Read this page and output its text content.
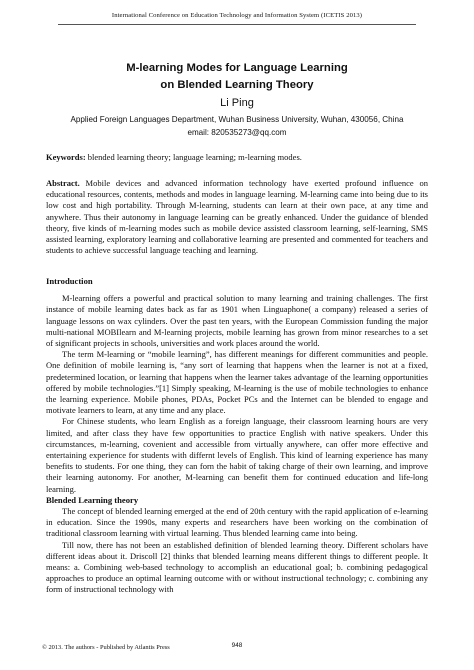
International Conference on Education Technology and Information System (ICETIS 2013)
M-learning Modes for Language Learning
on Blended Learning Theory
Li Ping
Applied Foreign Languages Department, Wuhan Business University, Wuhan, 430056, China
email: 820535273@qq.com

Keywords: blended learning theory; language learning; m-learning modes.

Abstract. Mobile devices and advanced information technology have exerted profound influence on educational resources, contents, methods and modes in language learning. M-learning came into being due to its low cost and high portability. Through M-learning, students can learn at their own pace, at any time and anywhere. Thus their autonomy in language learning can be greatly enhanced. Under the guidance of blended theory, five kinds of m-learning modes such as mobile device assisted classroom learning, self-learning, SMS assisted learning, exploratory learning and collaborative learning are presented and commented for teachers and students to achieve successful language teaching and learning.

Introduction

M-learning offers a powerful and practical solution to many learning and training challenges. The first instance of mobile learning dates back as far as 1901 when Linguaphone( a company) released a series of language lessons on wax cylinders. Over the past ten years, with the European Commission funding the major multi-national MOBIlearn and M-learning projects, mobile learning has grown from minor researches to a set of significant projects in schools, universities and work places around the world.

The term M-learning or “mobile learning”, has different meanings for different communities and people. One definition of mobile learning is, “any sort of learning that happens when the learner is not at a fixed, predetermined location, or learning that happens when the learner takes advantage of the learning opportunities offered by mobile technologies.”[1] Simply speaking, M-learning is the use of mobile technologies to enhance the learning experience. Mobile phones, PDAs, Pocket PCs and the Internet can be blended to engage and motivate learners to learn, at any time and any place.

For Chinese students, who learn English as a foreign language, their classroom learning hours are very limited, and after class they have few opportunities to practice English with native speakers. Under this circumstances, m-learning, covenient and accessible from virtually anywhere, can offer more effective and entertaining experience for students with differnt levels of English. This kind of learning experience has many benefits to students. For one thing, they can forn the habit of taking charge of their own learning, and improve their learning autonomy. For another, M-learning can benefit them for continued education and life-long learning.

Blended Learning theory

The concept of blended learning emerged at the end of 20th century with the rapid application of e-learning in education. Since the 1990s, many experts and researchers have been working on the combination of traditional classroom learning with virtual learning. Thus blended learning came into being.

Till now, there has not been an established definition of blended learning theory. Different scholars have different ideas about it. Driscoll [2] thinks that blended learning means different things to different people. It means: a. Combining web-based technology to accomplish an educational goal; b. combining pedagogical approaches to produce an optimal learning outcome with or without instructional technology; c. combining any form of instructional technology with

© 2013. The authors - Published by Atlantis Press	948
